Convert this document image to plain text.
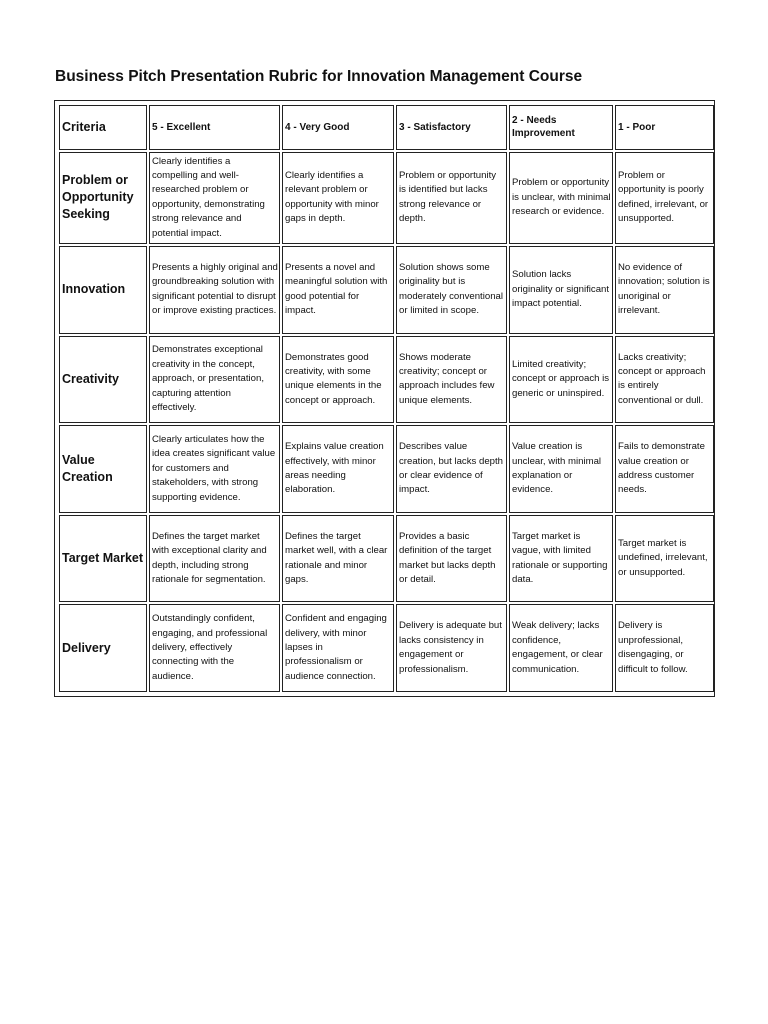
Business Pitch Presentation Rubric for Innovation Management Course
Criteria	5 - Excellent	4 - Very Good	3 - Satisfactory	2 - Needs Improvement	1 - Poor
Problem or Opportunity Seeking	Clearly identifies a compelling and well-researched problem or opportunity, demonstrating strong relevance and potential impact.	Clearly identifies a relevant problem or opportunity with minor gaps in depth.	Problem or opportunity is identified but lacks strong relevance or depth.	Problem or opportunity is unclear, with minimal research or evidence.	Problem or opportunity is poorly defined, irrelevant, or unsupported.
Innovation	Presents a highly original and groundbreaking solution with significant potential to disrupt or improve existing practices.	Presents a novel and meaningful solution with good potential for impact.	Solution shows some originality but is moderately conventional or limited in scope.	Solution lacks originality or significant impact potential.	No evidence of innovation; solution is unoriginal or irrelevant.
Creativity	Demonstrates exceptional creativity in the concept, approach, or presentation, capturing attention effectively.	Demonstrates good creativity, with some unique elements in the concept or approach.	Shows moderate creativity; concept or approach includes few unique elements.	Limited creativity; concept or approach is generic or uninspired.	Lacks creativity; concept or approach is entirely conventional or dull.
Value Creation	Clearly articulates how the idea creates significant value for customers and stakeholders, with strong supporting evidence.	Explains value creation effectively, with minor areas needing elaboration.	Describes value creation, but lacks depth or clear evidence of impact.	Value creation is unclear, with minimal explanation or evidence.	Fails to demonstrate value creation or address customer needs.
Target Market	Defines the target market with exceptional clarity and depth, including strong rationale for segmentation.	Defines the target market well, with a clear rationale and minor gaps.	Provides a basic definition of the target market but lacks depth or detail.	Target market is vague, with limited rationale or supporting data.	Target market is undefined, irrelevant, or unsupported.
Delivery	Outstandingly confident, engaging, and professional delivery, effectively connecting with the audience.	Confident and engaging delivery, with minor lapses in professionalism or audience connection.	Delivery is adequate but lacks consistency in engagement or professionalism.	Weak delivery; lacks confidence, engagement, or clear communication.	Delivery is unprofessional, disengaging, or difficult to follow.
